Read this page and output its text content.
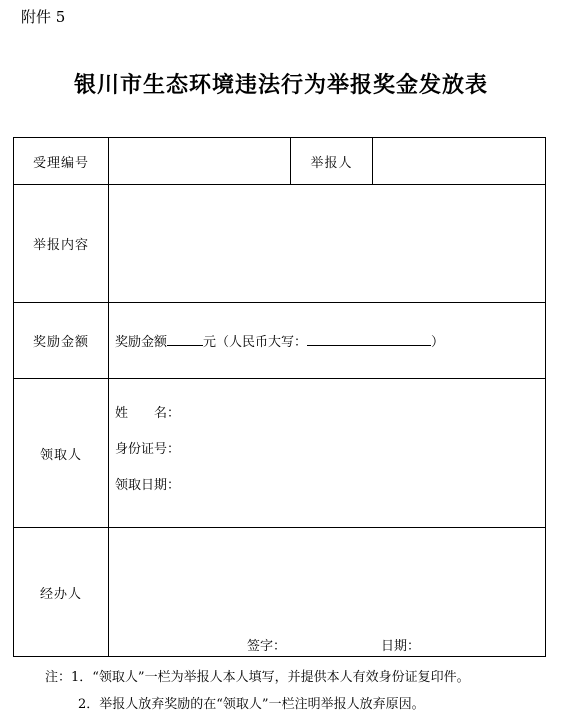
附件 5
银川市生态环境违法行为举报奖金发放表
受理编号		举报人	
举报内容			
奖励金额	奖励金额 元（人民币大写： ）		
领取人	姓　　名：
身份证号：
领取日期：		

经办人	签字： 日期：		
注：1．“领取人”一栏为举报人本人填写，并提供本人有效身份证复印件。
2．举报人放弃奖励的在“领取人”一栏注明举报人放弃原因。
